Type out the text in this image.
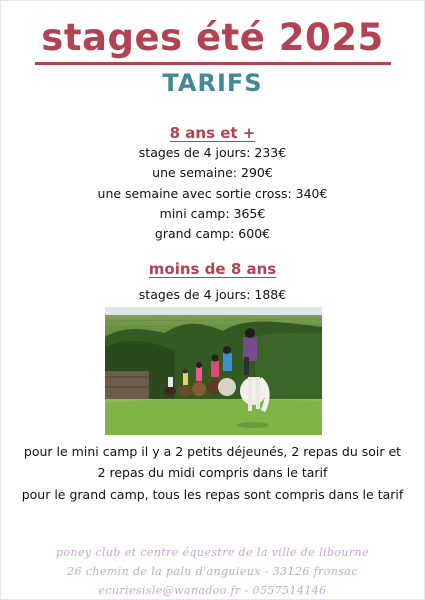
stages été 2025
TARIFS
8 ans et +
stages de 4 jours: 233€
une semaine: 290€
une semaine avec sortie cross: 340€
mini camp: 365€
grand camp: 600€
moins de 8 ans
stages de 4 jours: 188€
pour le mini camp il y a 2 petits déjeunés, 2 repas du soir et
2 repas du midi compris dans le tarif
pour le grand camp, tous les repas sont compris dans le tarif
poney club et centre équestre de la ville de libourne
26 chemin de la palu d'anguieux - 33126 fronsac
ecuriesisle@wanadoo.fr - 0557514146
